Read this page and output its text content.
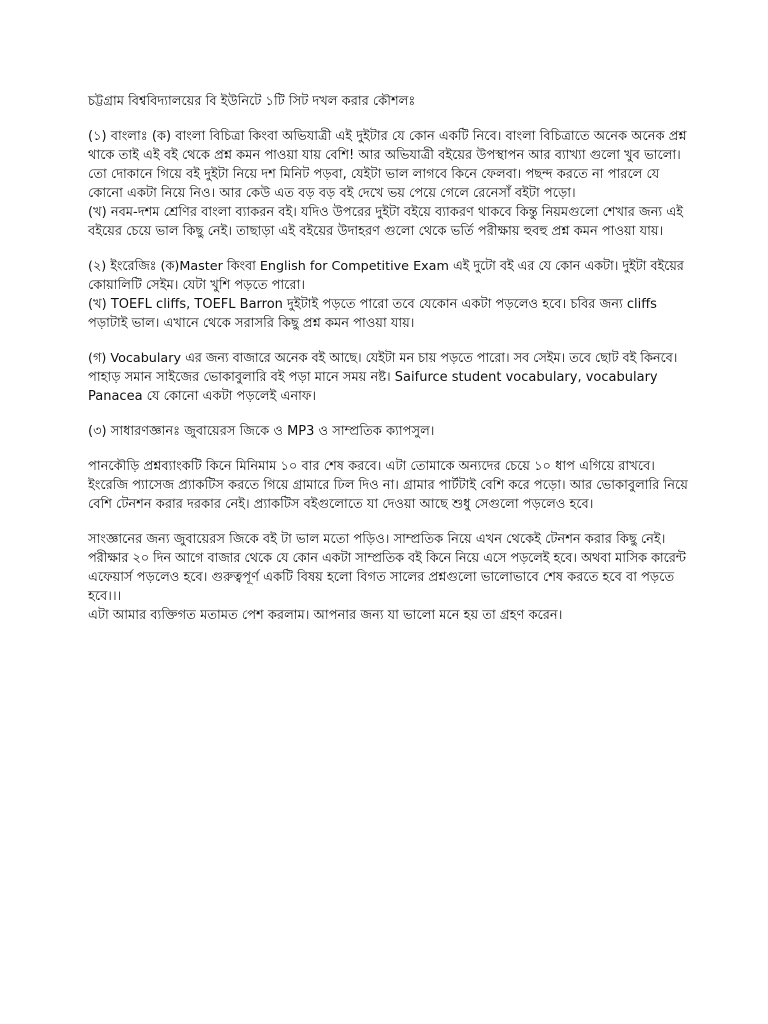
চট্টগ্রাম বিশ্ববিদ্যালয়ের বি ইউনিটে ১টি সিট দখল করার কৌশলঃ
(১) বাংলাঃ (ক) বাংলা বিচিত্রা কিংবা অভিযাত্রী এই দুইটার যে কোন একটি নিবে। বাংলা বিচিত্রাতে অনেক অনেক প্রশ্ন
থাকে তাই এই বই থেকে প্রশ্ন কমন পাওয়া যায় বেশি! আর অভিযাত্রী বইয়ের উপস্থাপন আর ব্যাখ্যা গুলো খুব ভালো।
তো দোকানে গিয়ে বই দুইটা নিয়ে দশ মিনিট পড়বা, যেইটা ভাল লাগবে কিনে ফেলবা। পছন্দ করতে না পারলে যে
কোনো একটা নিয়ে নিও। আর কেউ এত বড় বড় বই দেখে ভয় পেয়ে গেলে রেনেসাঁ বইটা পড়ো।
(খ) নবম-দশম শ্রেণির বাংলা ব্যাকরন বই। যদিও উপরের দুইটা বইয়ে ব্যাকরণ থাকবে কিন্তু নিয়মগুলো শেখার জন্য এই
বইয়ের চেয়ে ভাল কিছু নেই। তাছাড়া এই বইয়ের উদাহরণ গুলো থেকে ভর্তি পরীক্ষায় হুবহু প্রশ্ন কমন পাওয়া যায়।
(২) ইংরেজিঃ (ক)Master কিংবা English for Competitive Exam এই দুটো বই এর যে কোন একটা। দুইটা বইয়ের
কোয়ালিটি সেইম। যেটা খুশি পড়তে পারো।
(খ) TOEFL cliffs, TOEFL Barron দুইটাই পড়তে পারো তবে যেকোন একটা পড়লেও হবে। চবির জন্য cliffs
পড়াটাই ভাল। এখানে থেকে সরাসরি কিছু প্রশ্ন কমন পাওয়া যায়।
(গ) Vocabulary এর জন্য বাজারে অনেক বই আছে। যেইটা মন চায় পড়তে পারো। সব সেইম। তবে ছোট বই কিনবে।
পাহাড় সমান সাইজের ভোকাবুলারি বই পড়া মানে সময় নষ্ট। Saifurce student vocabulary, vocabulary
Panacea যে কোনো একটা পড়লেই এনাফ।
(৩) সাধারণজ্ঞানঃ জুবায়েরস জিকে ও MP3 ও সাম্প্রতিক ক্যাপসুল।
পানকৌড়ি প্রশ্নব্যাংকটি কিনে মিনিমাম ১০ বার শেষ করবে। এটা তোমাকে অন্যদের চেয়ে ১০ ধাপ এগিয়ে রাখবে।
ইংরেজি প্যাসেজ প্র্যাকটিস করতে গিয়ে গ্রামারে ঢিল দিও না। গ্রামার পার্টটাই বেশি করে পড়ো। আর ভোকাবুলারি নিয়ে
বেশি টেনশন করার দরকার নেই। প্র্যাকটিস বইগুলোতে যা দেওয়া আছে শুধু সেগুলো পড়লেও হবে।
সাংজ্ঞানের জন্য জুবায়েরস জিকে বই টা ভাল মতো পড়িও। সাম্প্রতিক নিয়ে এখন থেকেই টেনশন করার কিছু নেই।
পরীক্ষার ২০ দিন আগে বাজার থেকে যে কোন একটা সাম্প্রতিক বই কিনে নিয়ে এসে পড়লেই হবে। অথবা মাসিক কারেন্ট
এফেয়ার্স পড়লেও হবে। গুরুত্বপূর্ণ একটি বিষয় হলো বিগত সালের প্রশ্নগুলো ভালোভাবে শেষ করতে হবে বা পড়তে
হবে।।।
এটা আমার ব্যক্তিগত মতামত পেশ করলাম। আপনার জন্য যা ভালো মনে হয় তা গ্রহণ করেন।
